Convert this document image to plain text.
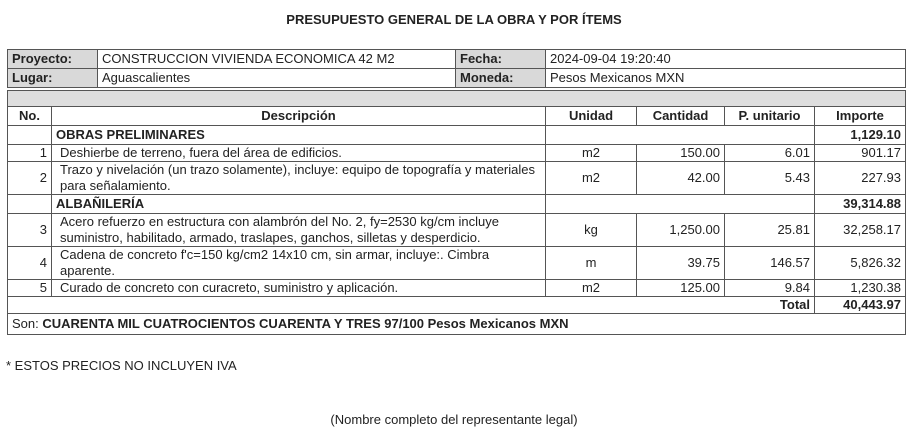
PRESUPUESTO GENERAL DE LA OBRA Y POR ÍTEMS
Proyecto:	CONSTRUCCION VIVIENDA ECONOMICA 42 M2	Fecha:	2024-09-04 19:20:40
Lugar:	Aguascalientes	Moneda:	Pesos Mexicanos MXN

No.	Descripción	Unidad	Cantidad	P. unitario	Importe
	OBRAS PRELIMINARES				1,129.10
1	Deshierbe de terreno, fuera del área de edificios.	m2	150.00	6.01	901.17
2	Trazo y nivelación (un trazo solamente), incluye: equipo de topografía y materiales para señalamiento.	m2	42.00	5.43	227.93
	ALBAÑILERÍA				39,314.88
3	Acero refuerzo en estructura con alambrón del No. 2, fy=2530 kg/cm incluye suministro, habilitado, armado, traslapes, ganchos, silletas y desperdicio.	kg	1,250.00	25.81	32,258.17
4	Cadena de concreto f'c=150 kg/cm2 14x10 cm, sin armar, incluye:. Cimbra aparente.	m	39.75	146.57	5,826.32
5	Curado de concreto con curacreto, suministro y aplicación.	m2	125.00	9.84	1,230.38
				Total	40,443.97
Son: CUARENTA MIL CUATROCIENTOS CUARENTA Y TRES 97/100 Pesos Mexicanos MXN					
* ESTOS PRECIOS NO INCLUYEN IVA
(Nombre completo del representante legal)
